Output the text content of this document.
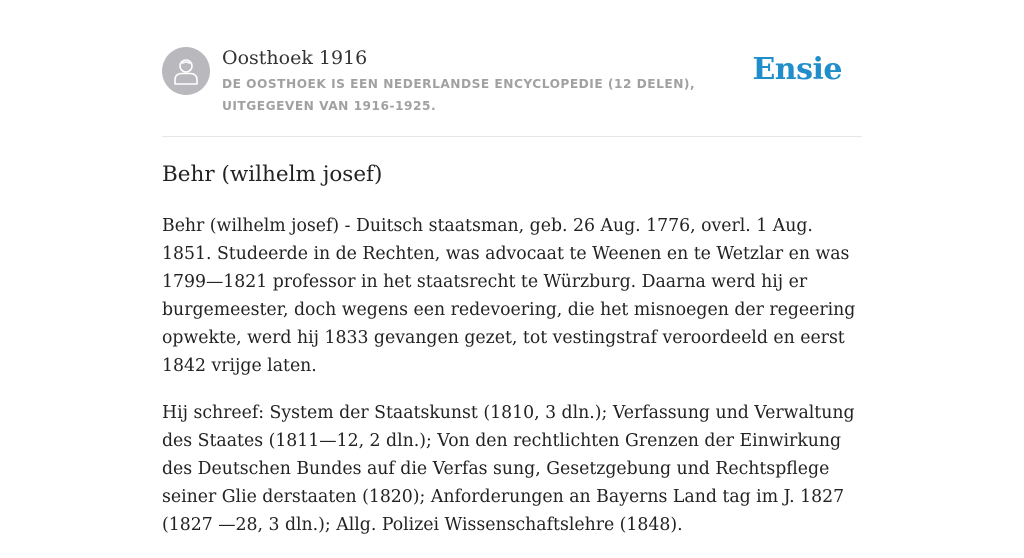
Oosthoek 1916
DE OOSTHOEK IS EEN NEDERLANDSE ENCYCLOPEDIE (12 DELEN), UITGEGEVEN VAN 1916-1925.
Ensie
Behr (wilhelm josef)

Behr (wilhelm josef) - Duitsch staatsman, geb. 26 Aug. 1776, overl. 1 Aug. 1851. Studeerde in de Rechten, was advocaat te Weenen en te Wetzlar en was 1799—1821 professor in het staatsrecht te Würzburg. Daarna werd hij er burgemeester, doch wegens een redevoering, die het misnoegen der regeering opwekte, werd hij 1833 gevangen gezet, tot vestingstraf veroordeeld en eerst 1842 vrijge laten.

Hij schreef: System der Staatskunst (1810, 3 dln.); Verfassung und Verwaltung des Staates (1811—12, 2 dln.); Von den rechtlichten Grenzen der Einwirkung des Deutschen Bundes auf die Verfas sung, Gesetzgebung und Rechtspflege seiner Glie derstaaten (1820); Anforderungen an Bayerns Land tag im J. 1827 (1827 —28, 3 dln.); Allg. Polizei Wissenschaftslehre (1848).
